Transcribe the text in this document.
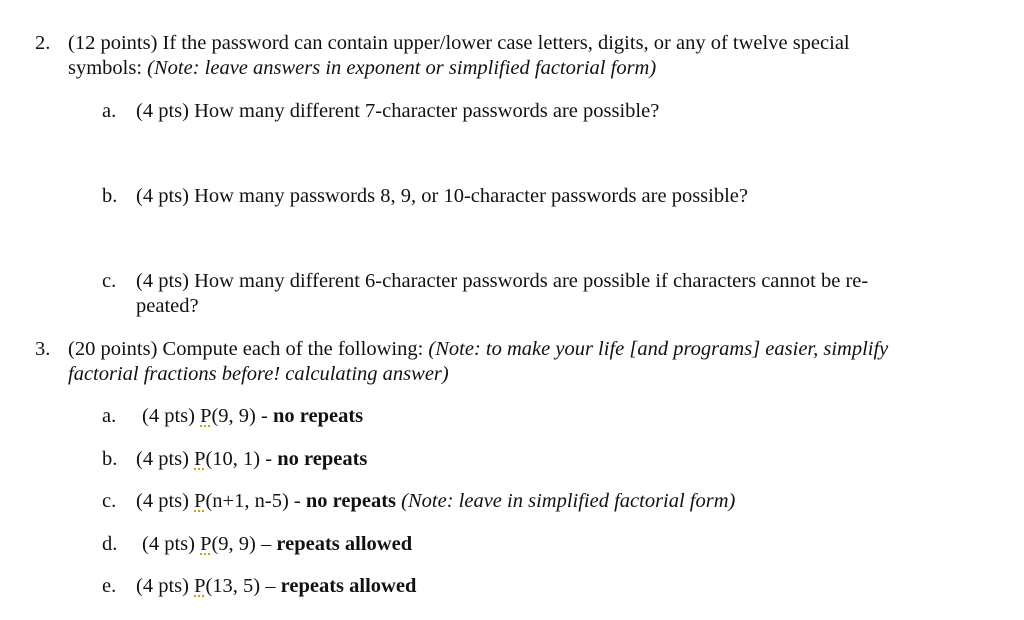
2. (12 points) If the password can contain upper/lower case letters, digits, or any of twelve special
symbols: (Note: leave answers in exponent or simplified factorial form)
a. (4 pts) How many different 7-character passwords are possible?
b. (4 pts) How many passwords 8, 9, or 10-character passwords are possible?
c. (4 pts) How many different 6-character passwords are possible if characters cannot be re-
peated?
3. (20 points) Compute each of the following: (Note: to make your life [and programs] easier, simplify
factorial fractions before! calculating answer)
a. (4 pts) P(9, 9) - no repeats
b. (4 pts) P(10, 1) - no repeats
c. (4 pts) P(n+1, n-5) - no repeats (Note: leave in simplified factorial form)
d. (4 pts) P(9, 9) – repeats allowed
e. (4 pts) P(13, 5) – repeats allowed
